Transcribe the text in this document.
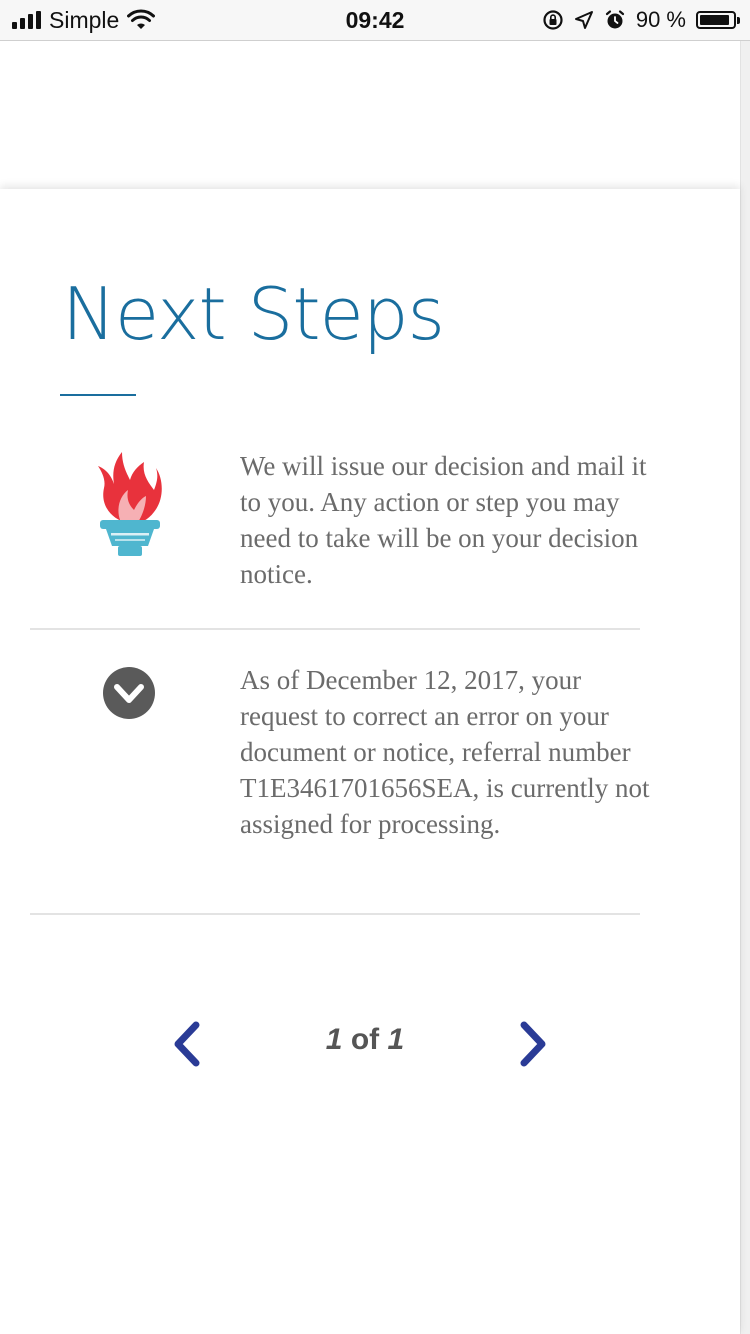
Simple	09:42	90 %
Next Steps

We will issue our decision and mail it to you. Any action or step you may need to take will be on your decision notice.

As of December 12, 2017, your request to correct an error on your document or notice, referral number T1E3461701656SEA, is currently not assigned for processing.

1 of 1
